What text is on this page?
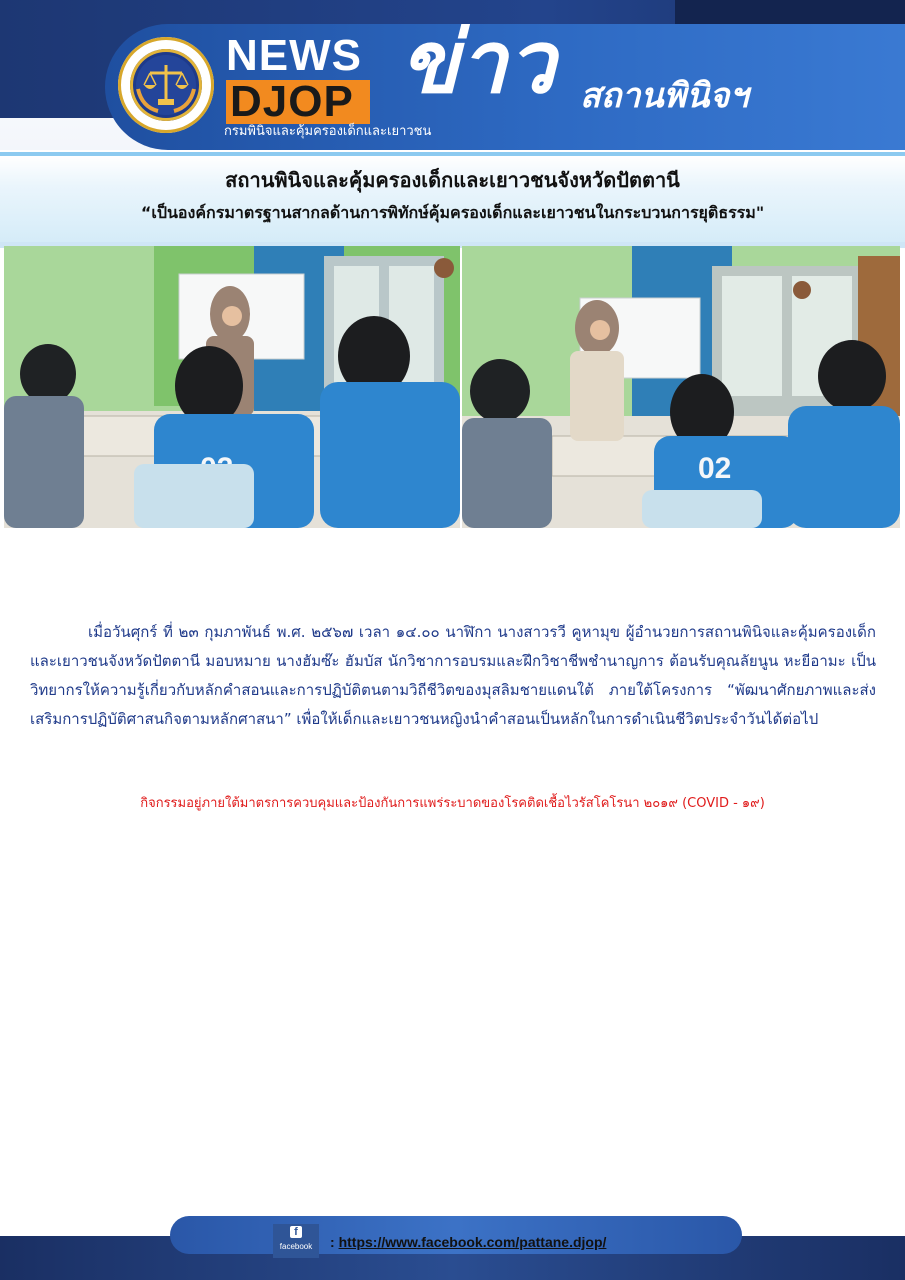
NEWS
DJOP
กรมพินิจและคุ้มครองเด็กและเยาวชน
ข่าว สถานพินิจฯ
สถานพินิจและคุ้มครองเด็กและเยาวชนจังหวัดปัตตานี
“เป็นองค์กรมาตรฐานสากลด้านการพิทักษ์คุ้มครองเด็กและเยาวชนในกระบวนการยุติธรรม"
02
เมื่อวันศุกร์ ที่ ๒๓ กุมภาพันธ์ พ.ศ. ๒๕๖๗ เวลา ๑๔.๐๐ นาฬิกา นางสาวรวี คูหามุข ผู้อำนวยการสถานพินิจและคุ้มครองเด็กและเยาวชนจังหวัดปัตตานี มอบหมาย นางฮัมซ๊ะ ฮัมบัส นักวิชาการอบรมและฝึกวิชาชีพชำนาญการ ต้อนรับคุณลัยนูน หะยีอามะ เป็นวิทยากรให้ความรู้เกี่ยวกับหลักคำสอนและการปฏิบัติตนตามวิถีชีวิตของมุสลิมชายแดนใต้ ภายใต้โครงการ “พัฒนาศักยภาพและส่งเสริมการปฏิบัติศาสนกิจตามหลักศาสนา” เพื่อให้เด็กและเยาวชนหญิงนำคำสอนเป็นหลักในการดำเนินชีวิตประจำวันได้ต่อไป
กิจกรรมอยู่ภายใต้มาตรการควบคุมและป้องกันการแพร่ระบาดของโรคติดเชื้อไวรัสโคโรนา ๒๐๑๙ (COVID - ๑๙)
f
facebook	: https://www.facebook.com/pattane.djop/
